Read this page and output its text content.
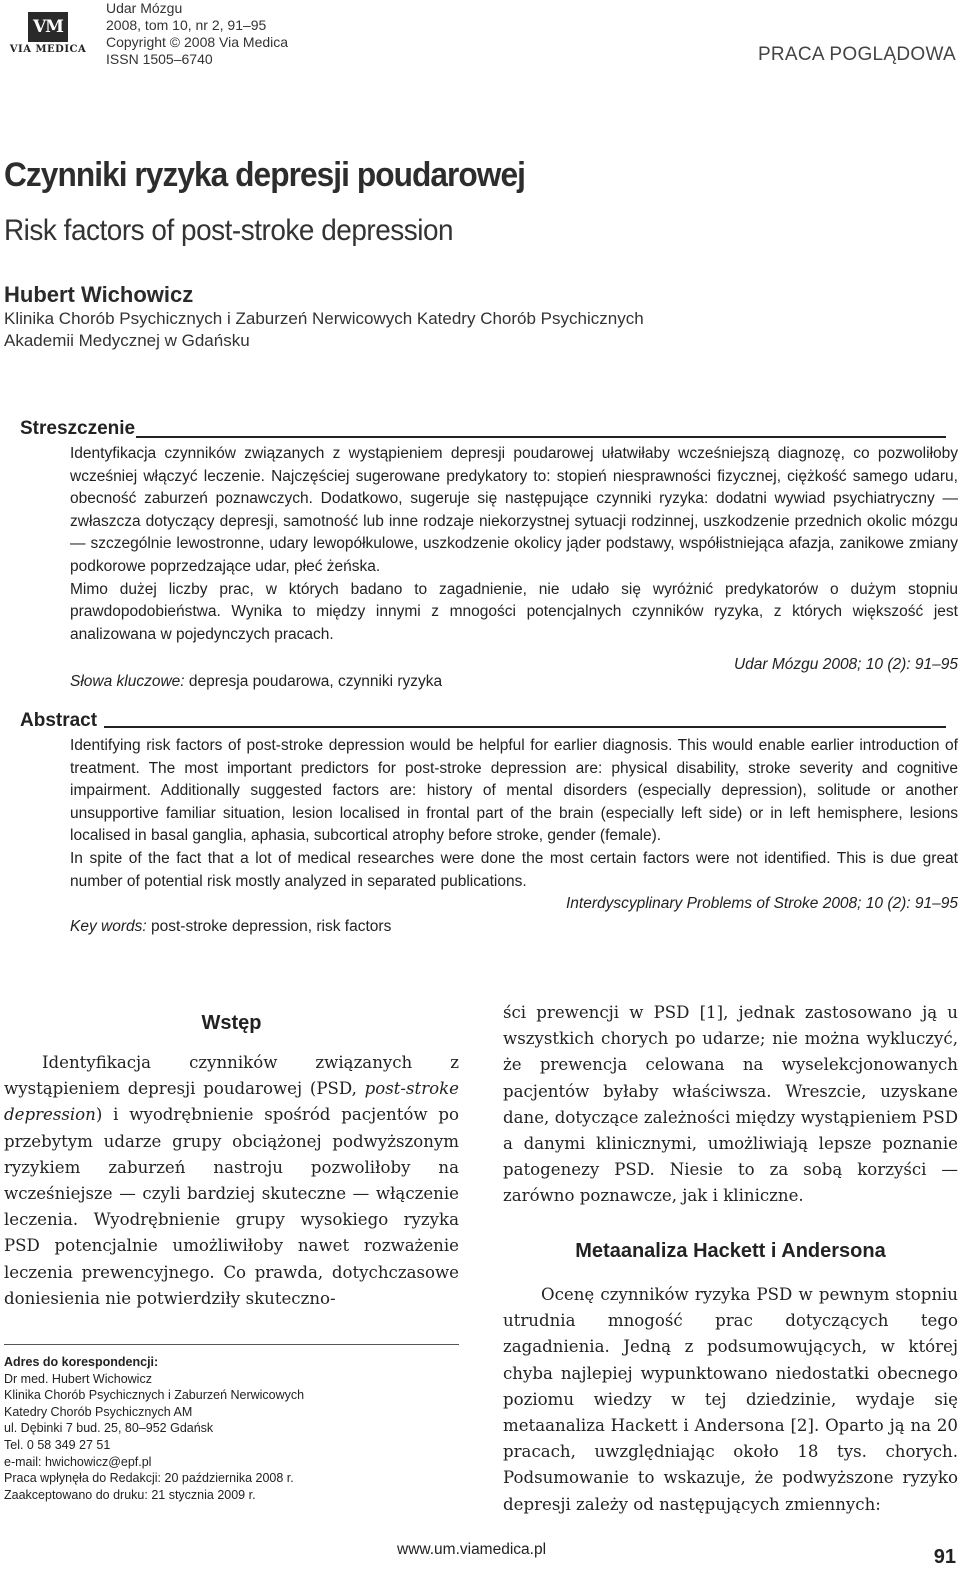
VM
VIA MEDICA
Udar Mózgu
2008, tom 10, nr 2, 91–95
Copyright © 2008 Via Medica
ISSN 1505–6740	PRACA POGLĄDOWA
Czynniki ryzyka depresji poudarowej
Risk factors of post-stroke depression
Hubert Wichowicz
Klinika Chorób Psychicznych i Zaburzeń Nerwicowych Katedry Chorób Psychicznych
Akademii Medycznej w Gdańsku
Streszczenie

Identyfikacja czynników związanych z wystąpieniem depresji poudarowej ułatwiłaby wcześniejszą diagnozę, co pozwoliłoby wcześniej włączyć leczenie. Najczęściej sugerowane predykatory to: stopień niesprawności fizycznej, ciężkość samego udaru, obecność zaburzeń poznawczych. Dodatkowo, sugeruje się następujące czynniki ryzyka: dodatni wywiad psychiatryczny — zwłaszcza dotyczący depresji, samotność lub inne rodzaje niekorzystnej sytuacji rodzinnej, uszkodzenie przednich okolic mózgu — szczególnie lewostronne, udary lewopółkulowe, uszkodzenie okolicy jąder podstawy, współistniejąca afazja, zanikowe zmiany podkorowe poprzedzające udar, płeć żeńska.

Mimo dużej liczby prac, w których badano to zagadnienie, nie udało się wyróżnić predykatorów o dużym stopniu prawdopodobieństwa. Wynika to między innymi z mnogości potencjalnych czynników ryzyka, z których większość jest analizowana w pojedynczych pracach.

Udar Mózgu 2008; 10 (2): 91–95

Słowa kluczowe: depresja poudarowa, czynniki ryzyka
Abstract

Identifying risk factors of post-stroke depression would be helpful for earlier diagnosis. This would enable earlier introduction of treatment. The most important predictors for post-stroke depression are: physical disability, stroke severity and cognitive impairment. Additionally suggested factors are: history of mental disorders (especially depression), solitude or another unsupportive familiar situation, lesion localised in frontal part of the brain (especially left side) or in left hemisphere, lesions localised in basal ganglia, aphasia, subcortical atrophy before stroke, gender (female).

In spite of the fact that a lot of medical researches were done the most certain factors were not identified. This is due great number of potential risk mostly analyzed in separated publications.

Interdyscyplinary Problems of Stroke 2008; 10 (2): 91–95

Key words: post-stroke depression, risk factors
Wstęp
Identyfikacja czynników związanych z wystąpieniem depresji poudarowej (PSD, post-stroke depression) i wyodrębnienie spośród pacjentów po przebytym udarze grupy obciążonej podwyższonym ryzykiem zaburzeń nastroju pozwoliłoby na wcześniejsze — czyli bardziej skuteczne — włączenie leczenia. Wyodrębnienie grupy wysokiego ryzyka PSD potencjalnie umożliwiłoby nawet rozważenie leczenia prewencyjnego. Co prawda, dotychczasowe doniesienia nie potwierdziły skuteczno-
Adres do korespondencji:
Dr med. Hubert Wichowicz
Klinika Chorób Psychicznych i Zaburzeń Nerwicowych
Katedry Chorób Psychicznych AM
ul. Dębinki 7 bud. 25, 80–952 Gdańsk
Tel. 0 58 349 27 51
e-mail: hwichowicz@epf.pl
Praca wpłynęła do Redakcji: 20 października 2008 r.
Zaakceptowano do druku: 21 stycznia 2009 r.

ści prewencji w PSD [1], jednak zastosowano ją u wszystkich chorych po udarze; nie można wykluczyć, że prewencja celowana na wyselekcjonowanych pacjentów byłaby właściwsza. Wreszcie, uzyskane dane, dotyczące zależności między wystąpieniem PSD a danymi klinicznymi, umożliwiają lepsze poznanie patogenezy PSD. Niesie to za sobą korzyści — zarówno poznawcze, jak i kliniczne.

Metaanaliza Hackett i Andersona
Ocenę czynników ryzyka PSD w pewnym stopniu utrudnia mnogość prac dotyczących tego zagadnienia. Jedną z podsumowujących, w której chyba najlepiej wypunktowano niedostatki obecnego poziomu wiedzy w tej dziedzinie, wydaje się metaanaliza Hackett i Andersona [2]. Oparto ją na 20 pracach, uwzględniając około 18 tys. chorych. Podsumowanie to wskazuje, że podwyższone ryzyko depresji zależy od następujących zmiennych:
www.um.viamedica.pl	91
